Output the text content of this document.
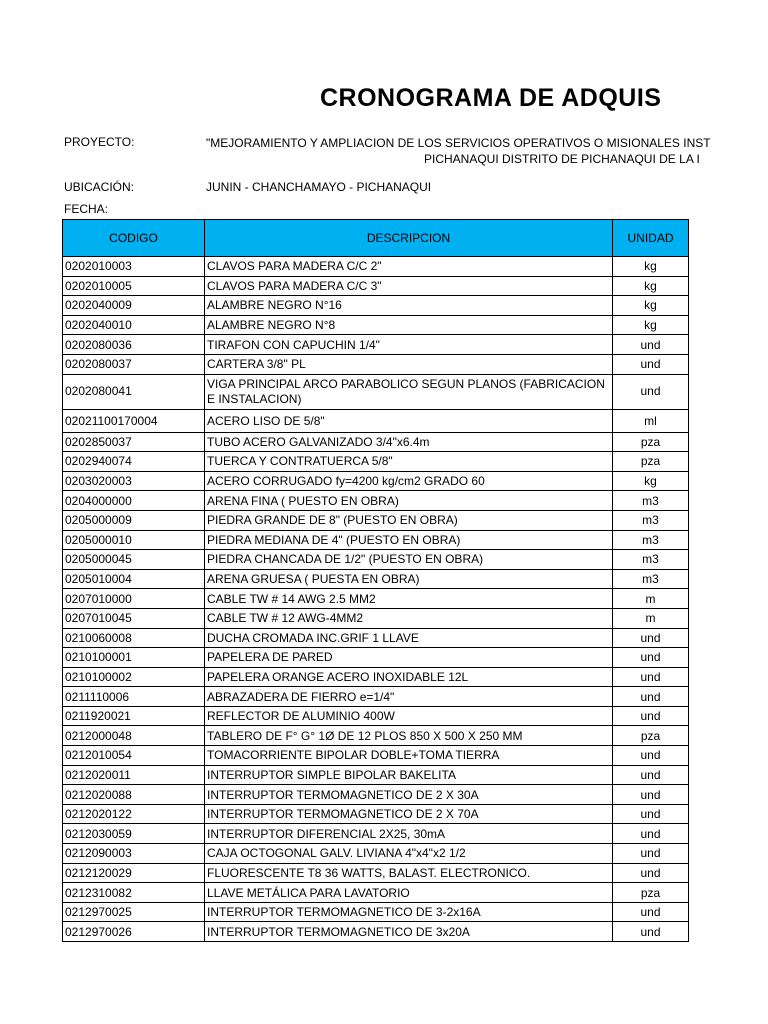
CRONOGRAMA DE ADQUIS
PROYECTO:	"MEJORAMIENTO Y AMPLIACION DE LOS SERVICIOS OPERATIVOS O MISIONALES INST
PICHANAQUI DISTRITO DE PICHANAQUI DE LA I
UBICACIÓN:	JUNIN - CHANCHAMAYO - PICHANAQUI
FECHA:
CODIGO	DESCRIPCION	UNIDAD
0202010003	CLAVOS PARA MADERA C/C 2"	kg
0202010005	CLAVOS PARA MADERA C/C 3"	kg
0202040009	ALAMBRE NEGRO N°16	kg
0202040010	ALAMBRE NEGRO N°8	kg
0202080036	TIRAFON CON CAPUCHIN 1/4"	und
0202080037	CARTERA 3/8" PL	und
0202080041	VIGA PRINCIPAL ARCO PARABOLICO SEGUN PLANOS (FABRICACION E INSTALACION)	und
02021100170004	ACERO LISO DE 5/8"	ml
0202850037	TUBO ACERO GALVANIZADO 3/4"x6.4m	pza
0202940074	TUERCA Y CONTRATUERCA 5/8"	pza
0203020003	ACERO CORRUGADO fy=4200 kg/cm2 GRADO 60	kg
0204000000	ARENA FINA ( PUESTO EN OBRA)	m3
0205000009	PIEDRA GRANDE DE 8" (PUESTO EN OBRA)	m3
0205000010	PIEDRA MEDIANA DE 4" (PUESTO EN OBRA)	m3
0205000045	PIEDRA CHANCADA DE 1/2" (PUESTO EN OBRA)	m3
0205010004	ARENA GRUESA ( PUESTA EN OBRA)	m3
0207010000	CABLE TW # 14 AWG 2.5 MM2	m
0207010045	CABLE TW # 12 AWG-4MM2	m
0210060008	DUCHA CROMADA INC.GRIF 1 LLAVE	und
0210100001	PAPELERA DE PARED	und
0210100002	PAPELERA ORANGE ACERO INOXIDABLE 12L	und
0211110006	ABRAZADERA DE FIERRO e=1/4"	und
0211920021	REFLECTOR DE ALUMINIO 400W	und
0212000048	TABLERO DE F° G° 1Ø DE 12 PLOS 850 X 500 X 250 MM	pza
0212010054	TOMACORRIENTE BIPOLAR DOBLE+TOMA TIERRA	und
0212020011	INTERRUPTOR SIMPLE BIPOLAR BAKELITA	und
0212020088	INTERRUPTOR TERMOMAGNETICO DE 2 X 30A	und
0212020122	INTERRUPTOR TERMOMAGNETICO DE 2 X 70A	und
0212030059	INTERRUPTOR DIFERENCIAL 2X25, 30mA	und
0212090003	CAJA OCTOGONAL GALV. LIVIANA 4"x4"x2 1/2	und
0212120029	FLUORESCENTE T8 36 WATTS, BALAST. ELECTRONICO.	und
0212310082	LLAVE METÁLICA PARA LAVATORIO	pza
0212970025	INTERRUPTOR TERMOMAGNETICO DE 3-2x16A	und
0212970026	INTERRUPTOR TERMOMAGNETICO DE 3x20A	und
